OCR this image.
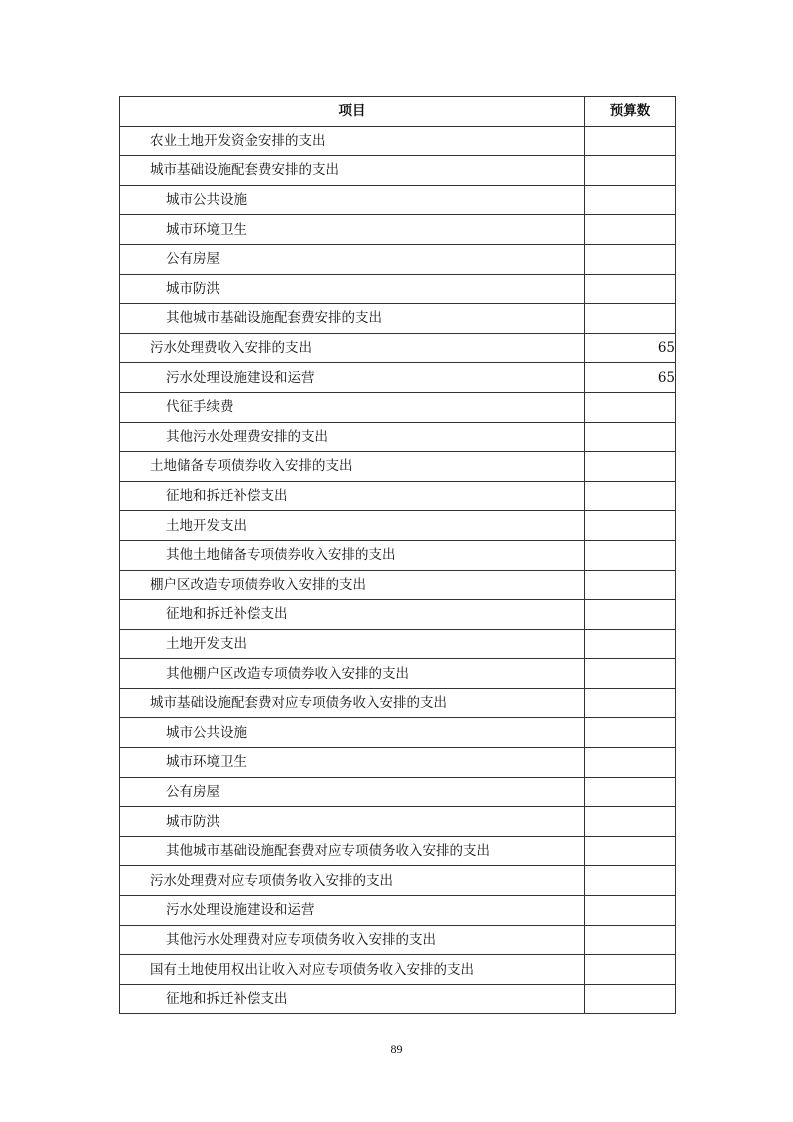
项目	预算数
农业土地开发资金安排的支出	
城市基础设施配套费安排的支出	
城市公共设施	
城市环境卫生	
公有房屋	
城市防洪	
其他城市基础设施配套费安排的支出	
污水处理费收入安排的支出	65
污水处理设施建设和运营	65
代征手续费	
其他污水处理费安排的支出	
土地储备专项债券收入安排的支出	
征地和拆迁补偿支出	
土地开发支出	
其他土地储备专项债券收入安排的支出	
棚户区改造专项债券收入安排的支出	
征地和拆迁补偿支出	
土地开发支出	
其他棚户区改造专项债券收入安排的支出	
城市基础设施配套费对应专项债务收入安排的支出	
城市公共设施	
城市环境卫生	
公有房屋	
城市防洪	
其他城市基础设施配套费对应专项债务收入安排的支出	
污水处理费对应专项债务收入安排的支出	
污水处理设施建设和运营	
其他污水处理费对应专项债务收入安排的支出	
国有土地使用权出让收入对应专项债务收入安排的支出	
征地和拆迁补偿支出	
89
